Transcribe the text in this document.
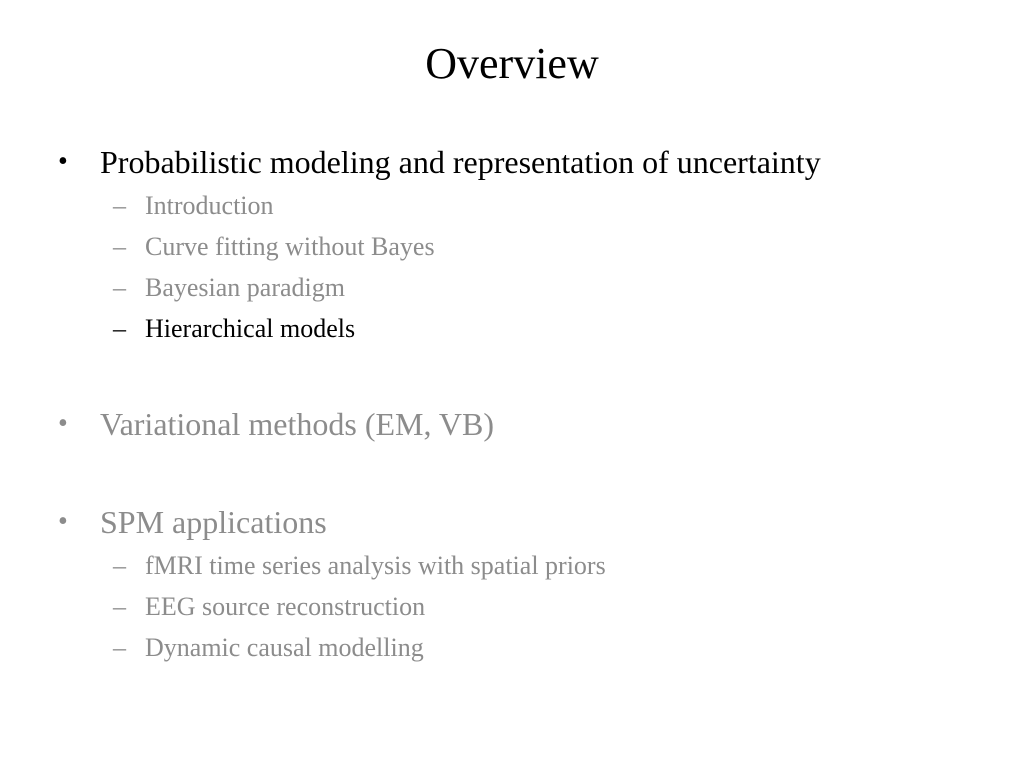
Overview
• Probabilistic modeling and representation of uncertainty
– Introduction
– Curve fitting without Bayes
– Bayesian paradigm
– Hierarchical models
• Variational methods (EM, VB)
• SPM applications
– fMRI time series analysis with spatial priors
– EEG source reconstruction
– Dynamic causal modelling
